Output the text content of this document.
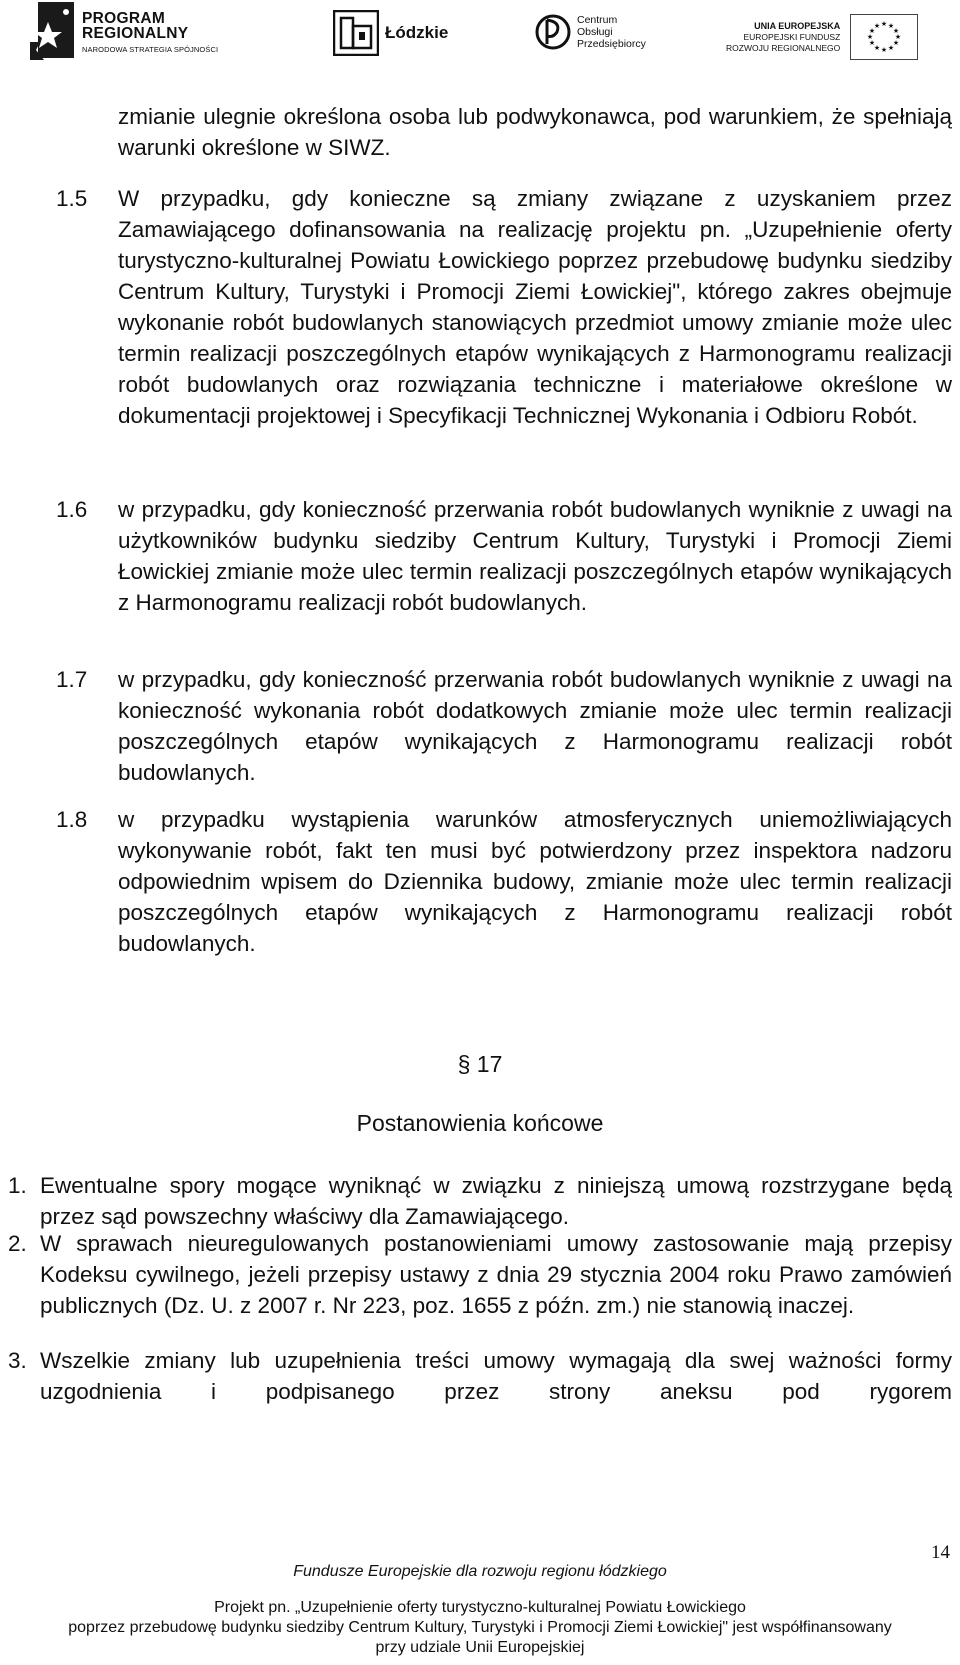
PROGRAM
REGIONALNY
NARODOWA STRATEGIA SPÓJNOŚCI
Łódzkie
Centrum
Obsługi
Przedsiębiorcy
UNIA EUROPEJSKA
EUROPEJSKI FUNDUSZ
ROZWOJU REGIONALNEGO
★ ★
★
★
★
★
★
★
★
★
★
★

zmianie ulegnie określona osoba lub podwykonawca, pod warunkiem, że spełniają warunki określone w SIWZ.

1.5 W przypadku, gdy konieczne są zmiany związane z uzyskaniem przez Zamawiającego dofinansowania na realizację projektu pn. „Uzupełnienie oferty turystyczno-kulturalnej Powiatu Łowickiego poprzez przebudowę budynku siedziby Centrum Kultury, Turystyki i Promocji Ziemi Łowickiej", którego zakres obejmuje wykonanie robót budowlanych stanowiących przedmiot umowy zmianie może ulec termin realizacji poszczególnych etapów wynikających z Harmonogramu realizacji robót budowlanych oraz rozwiązania techniczne i materiałowe określone w dokumentacji projektowej i Specyfikacji Technicznej Wykonania i Odbioru Robót.

1.6 w przypadku, gdy konieczność przerwania robót budowlanych wyniknie z uwagi na użytkowników budynku siedziby Centrum Kultury, Turystyki i Promocji Ziemi Łowickiej zmianie może ulec termin realizacji poszczególnych etapów wynikających z Harmonogramu realizacji robót budowlanych.

1.7 w przypadku, gdy konieczność przerwania robót budowlanych wyniknie z uwagi na konieczność wykonania robót dodatkowych zmianie może ulec termin realizacji poszczególnych etapów wynikających z Harmonogramu realizacji robót budowlanych.

1.8 w przypadku wystąpienia warunków atmosferycznych uniemożliwiających wykonywanie robót, fakt ten musi być potwierdzony przez inspektora nadzoru odpowiednim wpisem do Dziennika budowy, zmianie może ulec termin realizacji poszczególnych etapów wynikających z Harmonogramu realizacji robót budowlanych.

§ 17
Postanowienia końcowe
1. Ewentualne spory mogące wyniknąć w związku z niniejszą umową rozstrzygane będą przez sąd powszechny właściwy dla Zamawiającego.
2. W sprawach nieuregulowanych postanowieniami umowy zastosowanie mają przepisy Kodeksu cywilnego, jeżeli przepisy ustawy z dnia 29 stycznia 2004 roku Prawo zamówień publicznych (Dz. U. z 2007 r. Nr 223, poz. 1655 z późn. zm.) nie stanowią inaczej.
3. Wszelkie zmiany lub uzupełnienia treści umowy wymagają dla swej ważności formy uzgodnienia i podpisanego przez strony aneksu pod rygorem
14
Fundusze Europejskie dla rozwoju regionu łódzkiego
Projekt pn. „Uzupełnienie oferty turystyczno-kulturalnej Powiatu Łowickiego
poprzez przebudowę budynku siedziby Centrum Kultury, Turystyki i Promocji Ziemi Łowickiej" jest współfinansowany
przy udziale Unii Europejskiej
